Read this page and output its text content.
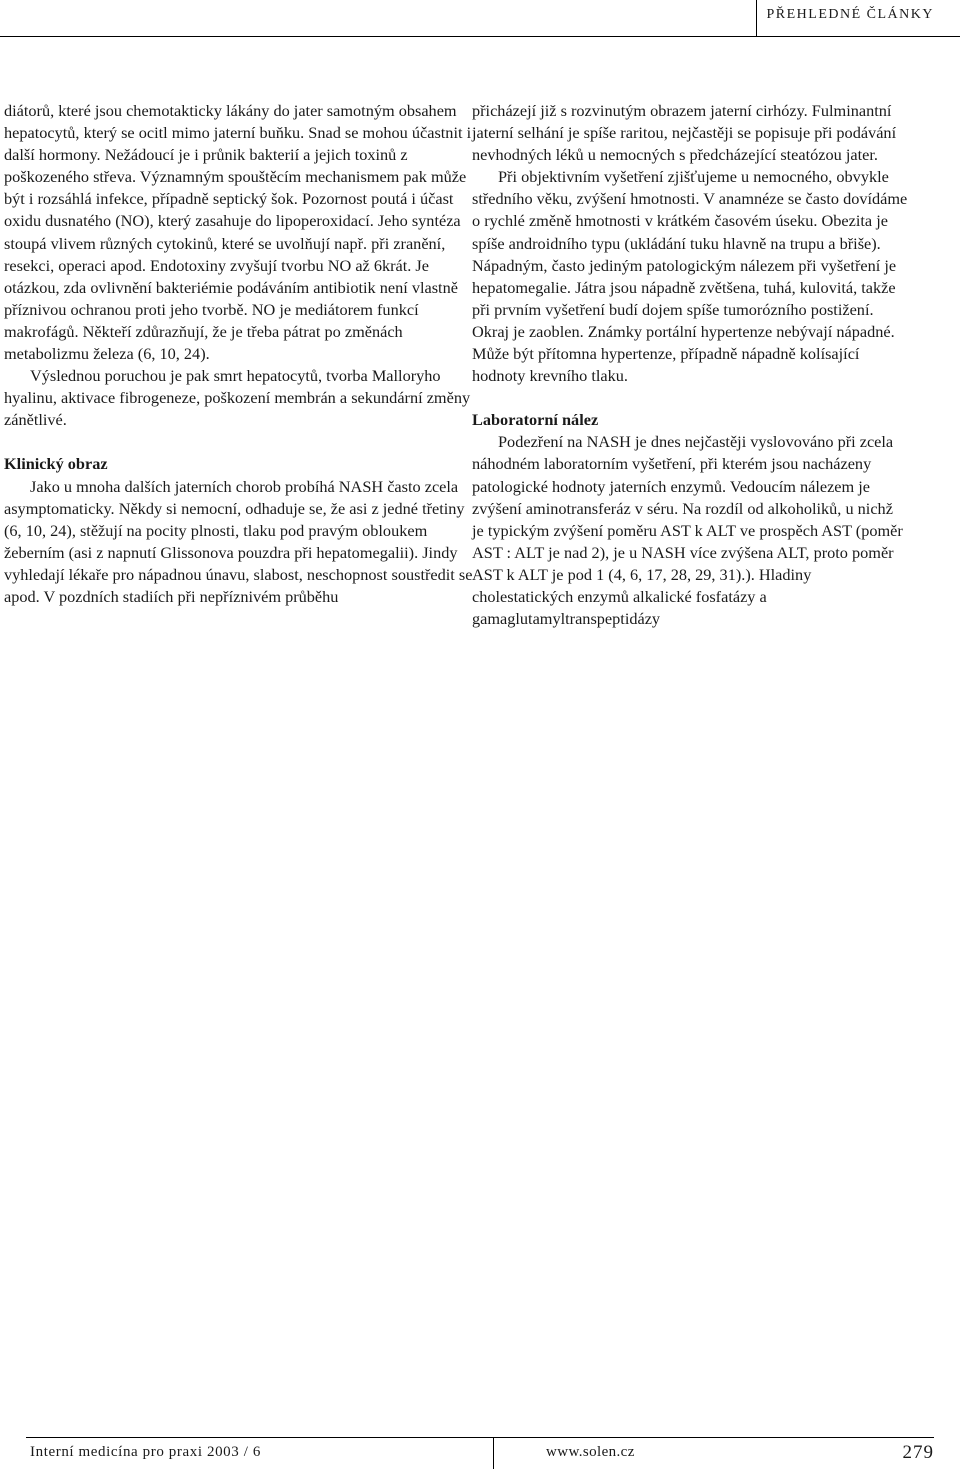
PŘEHLEDNÉ ČLÁNKY

diátorů, které jsou chemotakticky lákány do jater samotným obsahem hepatocytů, který se ocitl mimo jaterní buňku. Snad se mohou účastnit i další hormony. Nežádoucí je i průnik bakterií a jejich toxinů z poškozeného střeva. Významným spouštěcím mechanismem pak může být i rozsáhlá infekce, případně septický šok. Pozornost poutá i účast oxidu dusnatého (NO), který zasahuje do lipoperoxidací. Jeho syntéza stoupá vlivem různých cytokinů, které se uvolňují např. při zranění, resekci, operaci apod. Endotoxiny zvyšují tvorbu NO až 6krát. Je otázkou, zda ovlivnění bakteriémie podáváním antibiotik není vlastně příznivou ochranou proti jeho tvorbě. NO je mediátorem funkcí makrofágů. Někteří zdůrazňují, že je třeba pátrat po změnách metabolizmu železa (6, 10, 24).

Výslednou poruchou je pak smrt hepatocytů, tvorba Malloryho hyalinu, aktivace fibrogeneze, poškození membrán a sekundární změny zánětlivé.

Klinický obraz

Jako u mnoha dalších jaterních chorob probíhá NASH často zcela asymptomaticky. Někdy si nemocní, odhaduje se, že asi z jedné třetiny (6, 10, 24), stěžují na pocity plnosti, tlaku pod pravým obloukem žeberním (asi z napnutí Glissonova pouzdra při hepatomegalii). Jindy vyhledají lékaře pro nápadnou únavu, slabost, neschopnost soustředit se apod. V pozdních stadiích při nepříznivém průběhu

přicházejí již s rozvinutým obrazem jaterní cirhózy. Fulminantní jaterní selhání je spíše raritou, nejčastěji se popisuje při podávání nevhodných léků u nemocných s předcházející steatózou jater.

Při objektivním vyšetření zjišťujeme u nemocného, obvykle středního věku, zvýšení hmotnosti. V anamnéze se často dovídáme o rychlé změně hmotnosti v krátkém časovém úseku. Obezita je spíše androidního typu (ukládání tuku hlavně na trupu a břiše). Nápadným, často jediným patologickým nálezem při vyšetření je hepatomegalie. Játra jsou nápadně zvětšena, tuhá, kulovitá, takže při prvním vyšetření budí dojem spíše tumorózního postižení. Okraj je zaoblen. Známky portální hypertenze nebývají nápadné. Může být přítomna hypertenze, případně nápadně kolísající hodnoty krevního tlaku.

Laboratorní nález

Podezření na NASH je dnes nejčastěji vyslovováno při zcela náhodném laboratorním vyšetření, při kterém jsou nacházeny patologické hodnoty jaterních enzymů. Vedoucím nálezem je zvýšení aminotransferáz v séru. Na rozdíl od alkoholiků, u nichž je typickým zvýšení poměru AST k ALT ve prospěch AST (poměr AST : ALT je nad 2), je u NASH více zvýšena ALT, proto poměr AST k ALT je pod 1 (4, 6, 17, 28, 29, 31).). Hladiny cholestatických enzymů alkalické fosfatázy a gamaglutamyltranspeptidázy

Interní medicína pro praxi 2003 / 6	www.solen.cz	279
